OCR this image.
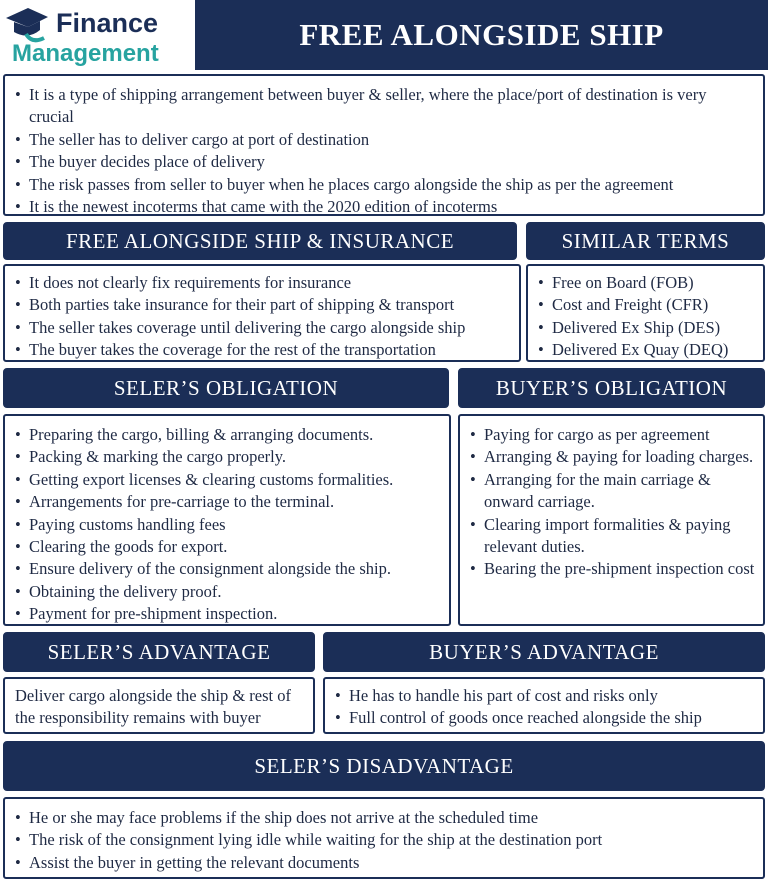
Finance
Management
FREE ALONGSIDE SHIP
• It is a type of shipping arrangement between buyer & seller, where the place/port of destination is very crucial
• The seller has to deliver cargo at port of destination
• The buyer decides place of delivery
• The risk passes from seller to buyer when he places cargo alongside the ship as per the agreement
• It is the newest incoterms that came with the 2020 edition of incoterms
FREE ALONGSIDE SHIP & INSURANCE
• It does not clearly fix requirements for insurance
• Both parties take insurance for their part of shipping & transport
• The seller takes coverage until delivering the cargo alongside ship
• The buyer takes the coverage for the rest of the transportation
SIMILAR TERMS
• Free on Board (FOB)
• Cost and Freight (CFR)
• Delivered Ex Ship (DES)
• Delivered Ex Quay (DEQ)
SELER’S OBLIGATION
• Preparing the cargo, billing & arranging documents.
• Packing & marking the cargo properly.
• Getting export licenses & clearing customs formalities.
• Arrangements for pre-carriage to the terminal.
• Paying customs handling fees
• Clearing the goods for export.
• Ensure delivery of the consignment alongside the ship.
• Obtaining the delivery proof.
• Payment for pre-shipment inspection.
BUYER’S OBLIGATION
• Paying for cargo as per agreement
• Arranging & paying for loading charges.
• Arranging for the main carriage & onward carriage.
• Clearing import formalities & paying relevant duties.
• Bearing the pre-shipment inspection cost
SELER’S ADVANTAGE
Deliver cargo alongside the ship & rest of the responsibility remains with buyer
BUYER’S ADVANTAGE
• He has to handle his part of cost and risks only
• Full control of goods once reached alongside the ship
SELER’S DISADVANTAGE
• He or she may face problems if the ship does not arrive at the scheduled time
• The risk of the consignment lying idle while waiting for the ship at the destination port
• Assist the buyer in getting the relevant documents
